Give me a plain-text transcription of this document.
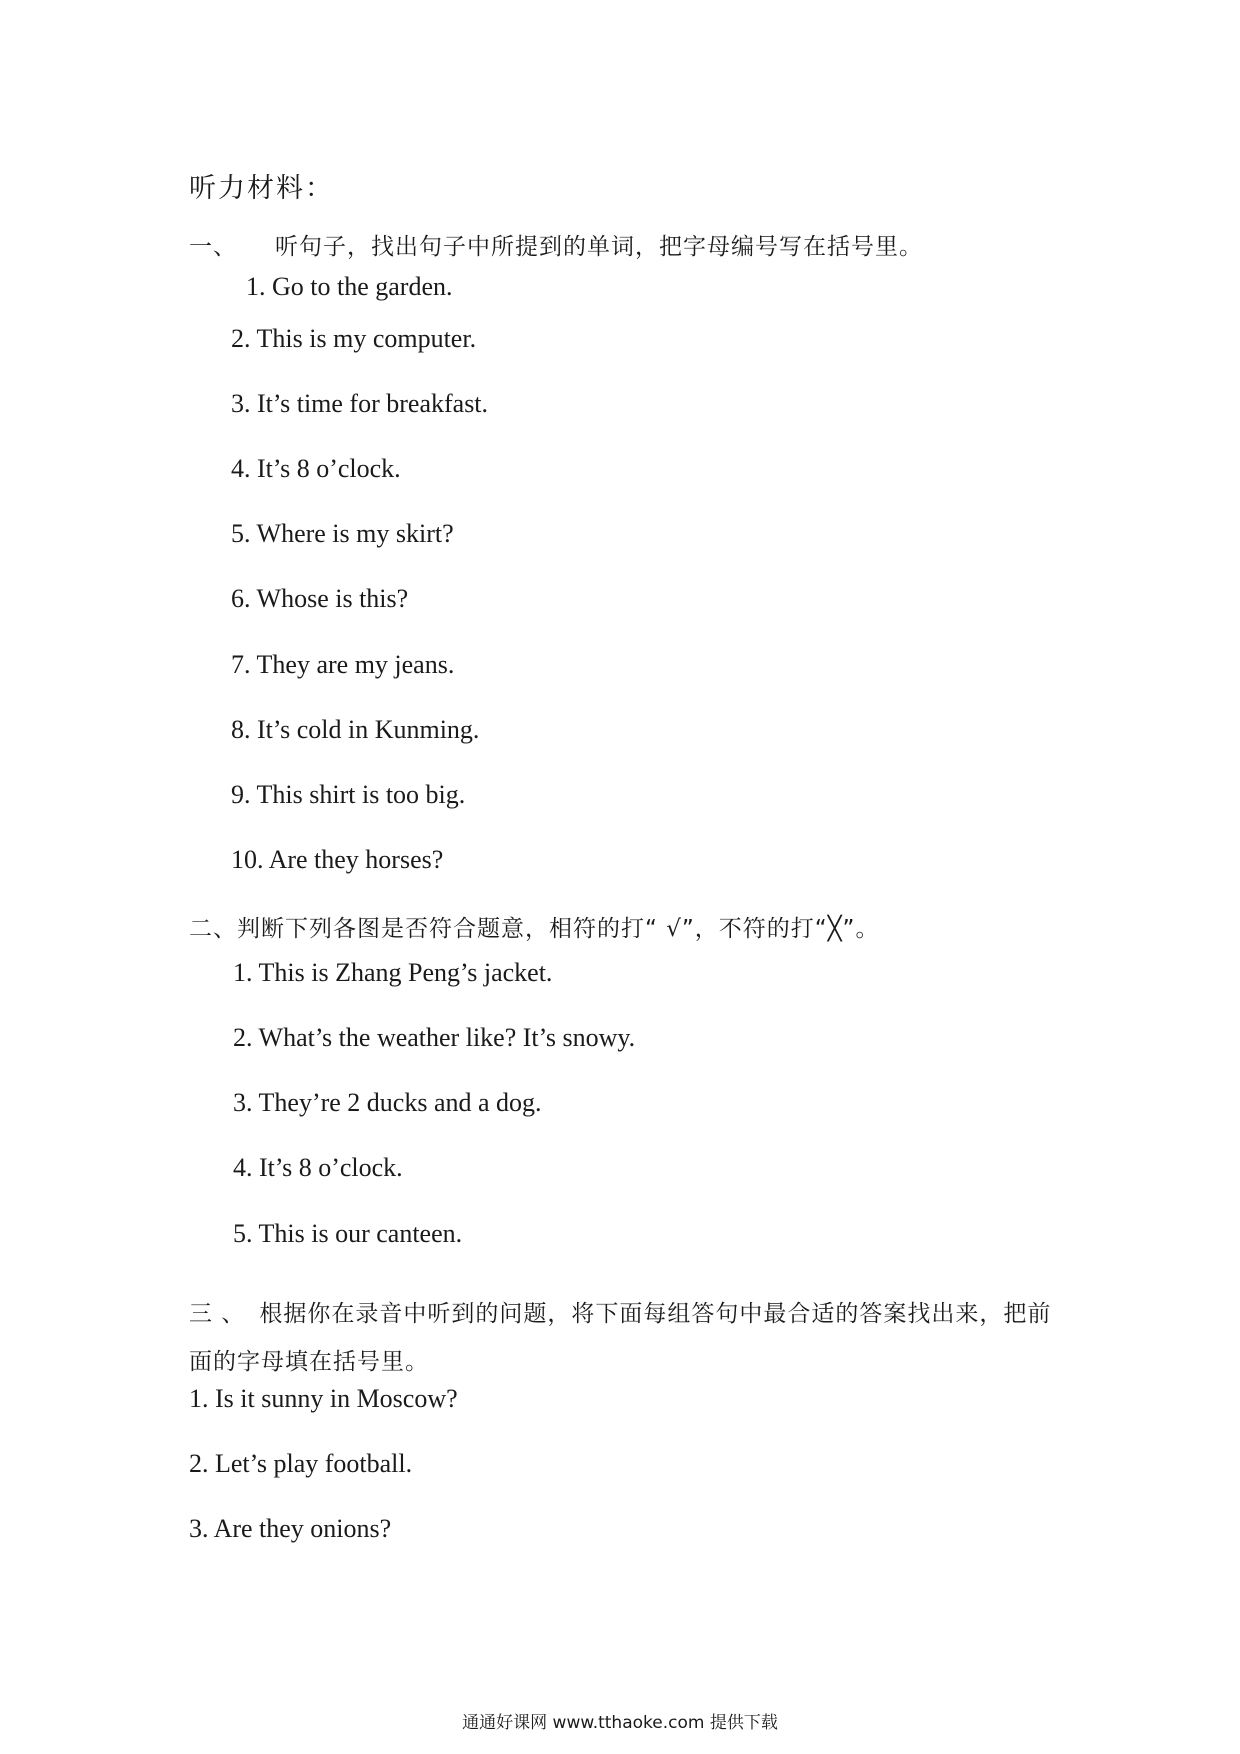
听力材料：
一、 听句子，找出句子中所提到的单词，把字母编号写在括号里。
1. Go to the garden.
2. This is my computer.
3. It’s time for breakfast.
4. It’s 8 o’clock.
5. Where is my skirt?
6. Whose is this?
7. They are my jeans.
8. It’s cold in Kunming.
9. This shirt is too big.
10. Are they horses?
二、判断下列各图是否符合题意，相符的打“ √”，不符的打“╳”。
1. This is Zhang Peng’s jacket.
2. What’s the weather like? It’s snowy.
3. They’re 2 ducks and a dog.
4. It’s 8 o’clock.
5. This is our canteen.
三 、 根据你在录音中听到的问题，将下面每组答句中最合适的答案找出来，把前面的字母填在括号里。
1. Is it sunny in Moscow?
2. Let’s play football.
3. Are they onions?
通通好课网 www.tthaoke.com 提供下载
